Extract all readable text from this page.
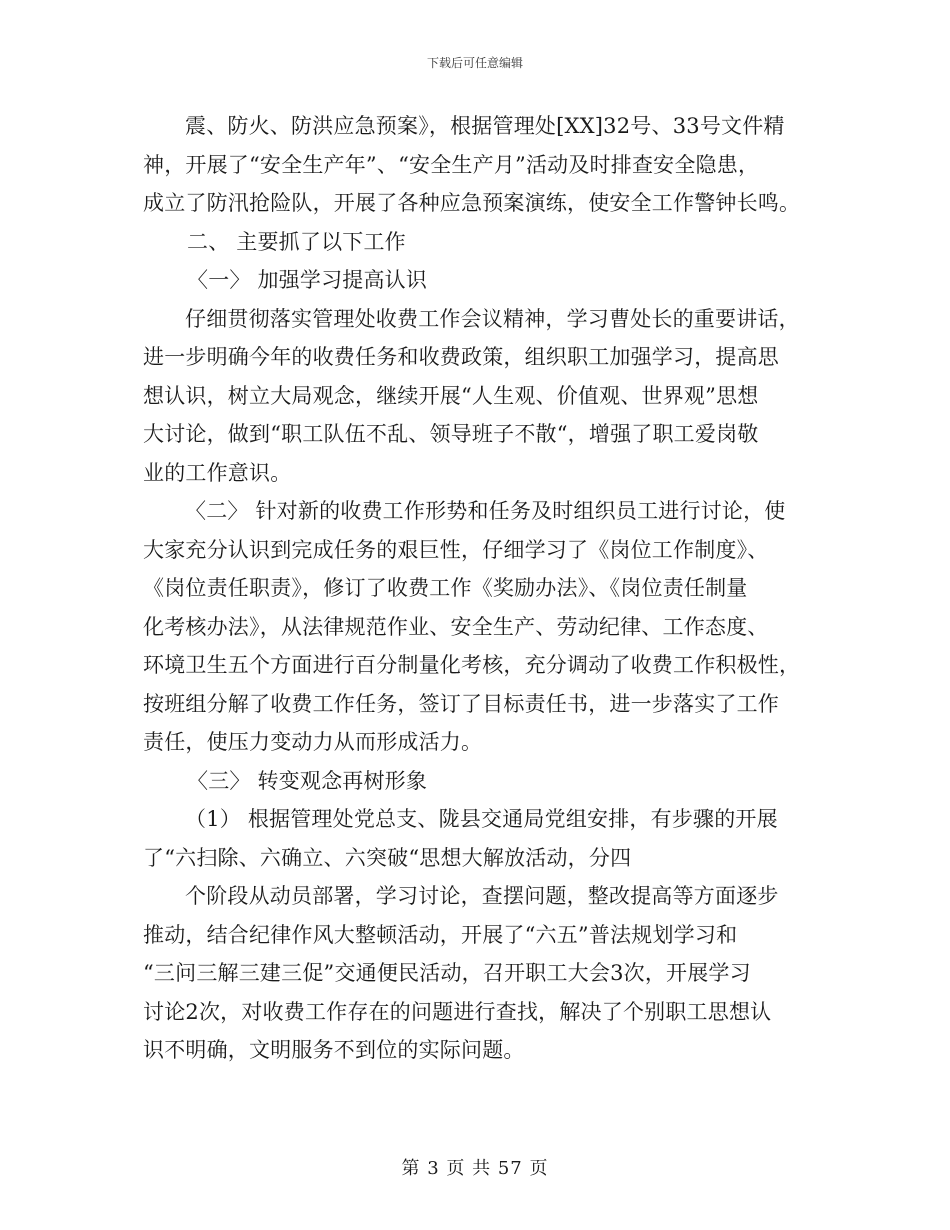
下载后可任意编辑
震、防火、防洪应急预案》，根据管理处[XX]32号、33号文件精
神，开展了“安全生产年”、“安全生产月”活动及时排查安全隐患，
成立了防汛抢险队，开展了各种应急预案演练，使安全工作警钟长鸣。
二、 主要抓了以下工作
〈一〉 加强学习提高认识
仔细贯彻落实管理处收费工作会议精神，学习曹处长的重要讲话，
进一步明确今年的收费任务和收费政策，组织职工加强学习，提高思
想认识，树立大局观念，继续开展“人生观、价值观、世界观”思想
大讨论，做到“职工队伍不乱、领导班子不散“，增强了职工爱岗敬
业的工作意识。
〈二〉 针对新的收费工作形势和任务及时组织员工进行讨论，使
大家充分认识到完成任务的艰巨性，仔细学习了《岗位工作制度》、
《岗位责任职责》，修订了收费工作《奖励办法》、《岗位责任制量
化考核办法》，从法律规范作业、安全生产、劳动纪律、工作态度、
环境卫生五个方面进行百分制量化考核，充分调动了收费工作积极性，
按班组分解了收费工作任务，签订了目标责任书，进一步落实了工作
责任，使压力变动力从而形成活力。
〈三〉 转变观念再树形象
（1） 根据管理处党总支、陇县交通局党组安排，有步骤的开展
了“六扫除、六确立、六突破“思想大解放活动，分四
个阶段从动员部署，学习讨论，查摆问题，整改提高等方面逐步
推动，结合纪律作风大整顿活动，开展了“六五”普法规划学习和
“三问三解三建三促”交通便民活动，召开职工大会3次，开展学习
讨论2次，对收费工作存在的问题进行查找，解决了个别职工思想认
识不明确，文明服务不到位的实际问题。
第 3 页 共 57 页
